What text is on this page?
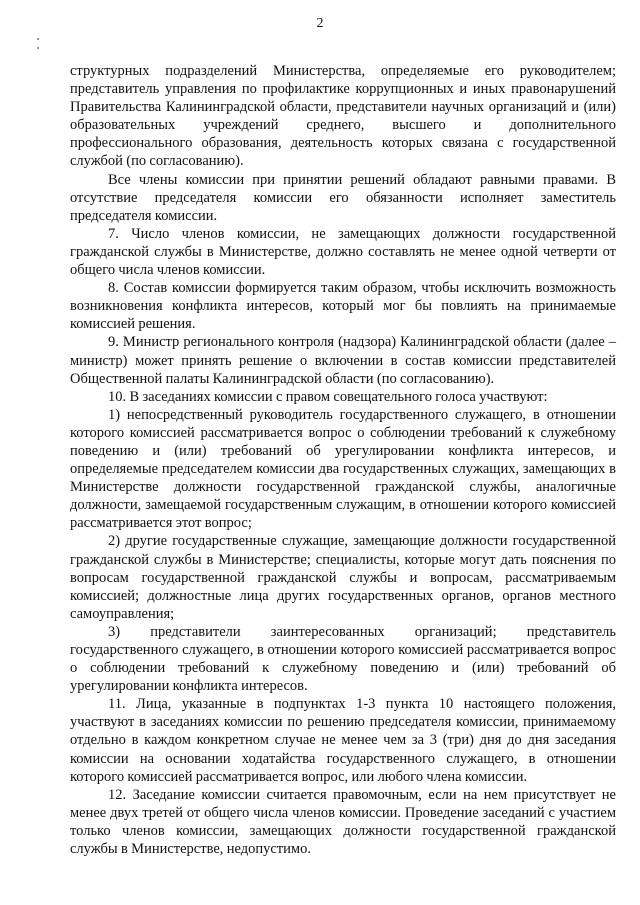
2

структурных подразделений Министерства, определяемые его руководителем; представитель управления по профилактике коррупционных и иных правонарушений Правительства Калининградской области, представители научных организаций и (или) образовательных учреждений среднего, высшего и дополнительного профессионального образования, деятельность которых связана с государственной службой (по согласованию).

Все члены комиссии при принятии решений обладают равными правами. В отсутствие председателя комиссии его обязанности исполняет заместитель председателя комиссии.

7. Число членов комиссии, не замещающих должности государственной гражданской службы в Министерстве, должно составлять не менее одной четверти от общего числа членов комиссии.

8. Состав комиссии формируется таким образом, чтобы исключить возможность возникновения конфликта интересов, который мог бы повлиять на принимаемые комиссией решения.

9. Министр регионального контроля (надзора) Калининградской области (далее – министр) может принять решение о включении в состав комиссии представителей Общественной палаты Калининградской области (по согласованию).

10. В заседаниях комиссии с правом совещательного голоса участвуют:

1) непосредственный руководитель государственного служащего, в отношении которого комиссией рассматривается вопрос о соблюдении требований к служебному поведению и (или) требований об урегулировании конфликта интересов, и определяемые председателем комиссии два государственных служащих, замещающих в Министерстве должности государственной гражданской службы, аналогичные должности, замещаемой государственным служащим, в отношении которого комиссией рассматривается этот вопрос;

2) другие государственные служащие, замещающие должности государственной гражданской службы в Министерстве; специалисты, которые могут дать пояснения по вопросам государственной гражданской службы и вопросам, рассматриваемым комиссией; должностные лица других государственных органов, органов местного самоуправления;

3) представители заинтересованных организаций; представитель государственного служащего, в отношении которого комиссией рассматривается вопрос о соблюдении требований к служебному поведению и (или) требований об урегулировании конфликта интересов.

11. Лица, указанные в подпунктах 1-3 пункта 10 настоящего положения, участвуют в заседаниях комиссии по решению председателя комиссии, принимаемому отдельно в каждом конкретном случае не менее чем за 3 (три) дня до дня заседания комиссии на основании ходатайства государственного служащего, в отношении которого комиссией рассматривается вопрос, или любого члена комиссии.

12. Заседание комиссии считается правомочным, если на нем присутствует не менее двух третей от общего числа членов комиссии. Проведение заседаний с участием только членов комиссии, замещающих должности государственной гражданской службы в Министерстве, недопустимо.
